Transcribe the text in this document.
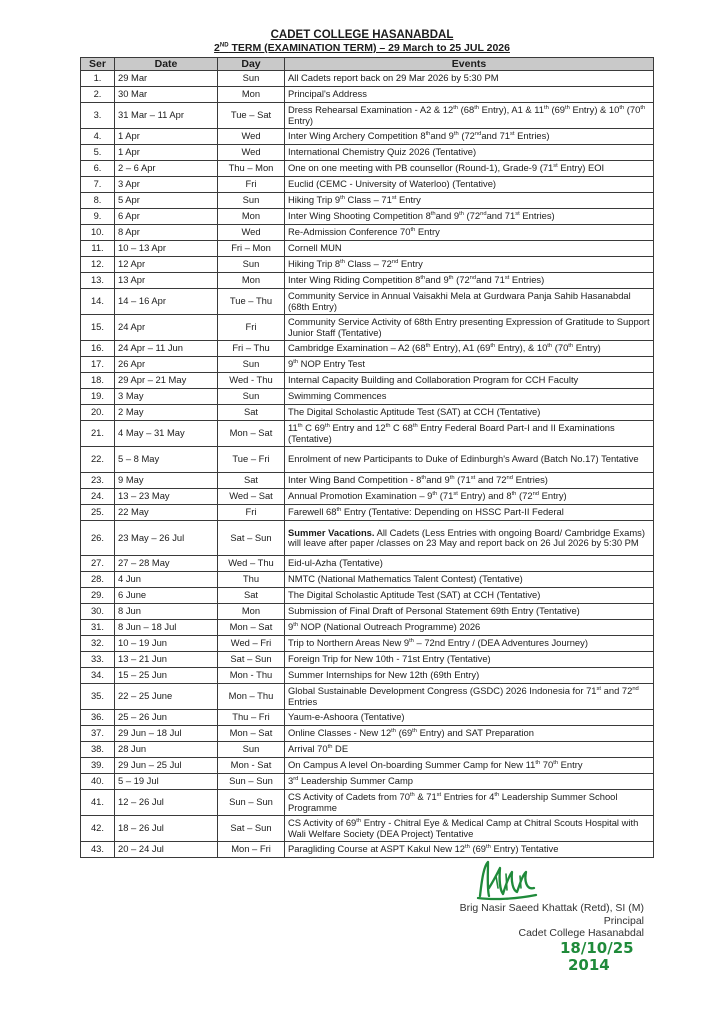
CADET COLLEGE HASANABDAL
2ND TERM (EXAMINATION TERM) – 29 March to 25 JUL 2026
Ser	Date	Day	Events
1.	29 Mar	Sun	All Cadets report back on 29 Mar 2026 by 5:30 PM
2.	30 Mar	Mon	Principal's Address
3.	31 Mar – 11 Apr	Tue – Sat	Dress Rehearsal Examination - A2 & 12th (68th Entry), A1 & 11th (69th Entry) & 10th (70th Entry)
4.	1 Apr	Wed	Inter Wing Archery Competition 8thand 9th (72ndand 71st Entries)
5.	1 Apr	Wed	International Chemistry Quiz 2026 (Tentative)
6.	2 – 6 Apr	Thu – Mon	One on one meeting with PB counsellor (Round-1), Grade-9 (71st Entry) EOI
7.	3 Apr	Fri	Euclid (CEMC - University of Waterloo) (Tentative)
8.	5 Apr	Sun	Hiking Trip 9th Class – 71st Entry
9.	6 Apr	Mon	Inter Wing Shooting Competition 8thand 9th (72ndand 71st Entries)
10.	8 Apr	Wed	Re-Admission Conference 70th Entry
11.	10 – 13 Apr	Fri – Mon	Cornell MUN
12.	12 Apr	Sun	Hiking Trip 8th Class – 72nd Entry
13.	13 Apr	Mon	Inter Wing Riding Competition 8thand 9th (72ndand 71st Entries)
14.	14 – 16 Apr	Tue – Thu	Community Service in Annual Vaisakhi Mela at Gurdwara Panja Sahib Hasanabdal (68th Entry)
15.	24 Apr	Fri	Community Service Activity of 68th Entry presenting Expression of Gratitude to Support Junior Staff (Tentative)
16.	24 Apr – 11 Jun	Fri – Thu	Cambridge Examination – A2 (68th Entry), A1 (69th Entry), & 10th (70th Entry)
17.	26 Apr	Sun	9th NOP Entry Test
18.	29 Apr – 21 May	Wed - Thu	Internal Capacity Building and Collaboration Program for CCH Faculty
19.	3 May	Sun	Swimming Commences
20.	2 May	Sat	The Digital Scholastic Aptitude Test (SAT) at CCH (Tentative)
21.	4 May – 31 May	Mon – Sat	11th C 69th Entry and 12th C 68th Entry Federal Board Part-I and II Examinations (Tentative)
22.	5 – 8 May	Tue – Fri	Enrolment of new Participants to Duke of Edinburgh's Award (Batch No.17) Tentative
23.	9 May	Sat	Inter Wing Band Competition - 8thand 9th (71st and 72nd Entries)
24.	13 – 23 May	Wed – Sat	Annual Promotion Examination – 9th (71st Entry) and 8th (72nd Entry)
25.	22 May	Fri	Farewell 68th Entry (Tentative: Depending on HSSC Part-II Federal
26.	23 May – 26 Jul	Sat – Sun	Summer Vacations. All Cadets (Less Entries with ongoing Board/ Cambridge Exams) will leave after paper /classes on 23 May and report back on 26 Jul 2026 by 5:30 PM
27.	27 – 28 May	Wed – Thu	Eid-ul-Azha (Tentative)
28.	4 Jun	Thu	NMTC (National Mathematics Talent Contest) (Tentative)
29.	6 June	Sat	The Digital Scholastic Aptitude Test (SAT) at CCH (Tentative)
30.	8 Jun	Mon	Submission of Final Draft of Personal Statement 69th Entry (Tentative)
31.	8 Jun – 18 Jul	Mon – Sat	9th NOP (National Outreach Programme) 2026
32.	10 – 19 Jun	Wed – Fri	Trip to Northern Areas New 9th – 72nd Entry / (DEA Adventures Journey)
33.	13 – 21 Jun	Sat – Sun	Foreign Trip for New 10th - 71st Entry (Tentative)
34.	15 – 25 Jun	Mon - Thu	Summer Internships for New 12th (69th Entry)
35.	22 – 25 June	Mon – Thu	Global Sustainable Development Congress (GSDC) 2026 Indonesia for 71st and 72nd Entries
36.	25 – 26 Jun	Thu – Fri	Yaum-e-Ashoora (Tentative)
37.	29 Jun – 18 Jul	Mon – Sat	Online Classes - New 12th (69th Entry) and SAT Preparation
38.	28 Jun	Sun	Arrival 70th DE
39.	29 Jun – 25 Jul	Mon - Sat	On Campus A level On-boarding Summer Camp for New 11th 70th Entry
40.	5 – 19 Jul	Sun – Sun	3rd Leadership Summer Camp
41.	12 – 26 Jul	Sun – Sun	CS Activity of Cadets from 70th & 71st Entries for 4th Leadership Summer School Programme
42.	18 – 26 Jul	Sat – Sun	CS Activity of 69th Entry - Chitral Eye & Medical Camp at Chitral Scouts Hospital with Wali Welfare Society (DEA Project) Tentative
43.	20 – 24 Jul	Mon – Fri	Paragliding Course at ASPT Kakul New 12th (69th Entry) Tentative
Brig Nasir Saeed Khattak (Retd), SI (M)
Principal
Cadet College Hasanabdal
18/10/25
2014
